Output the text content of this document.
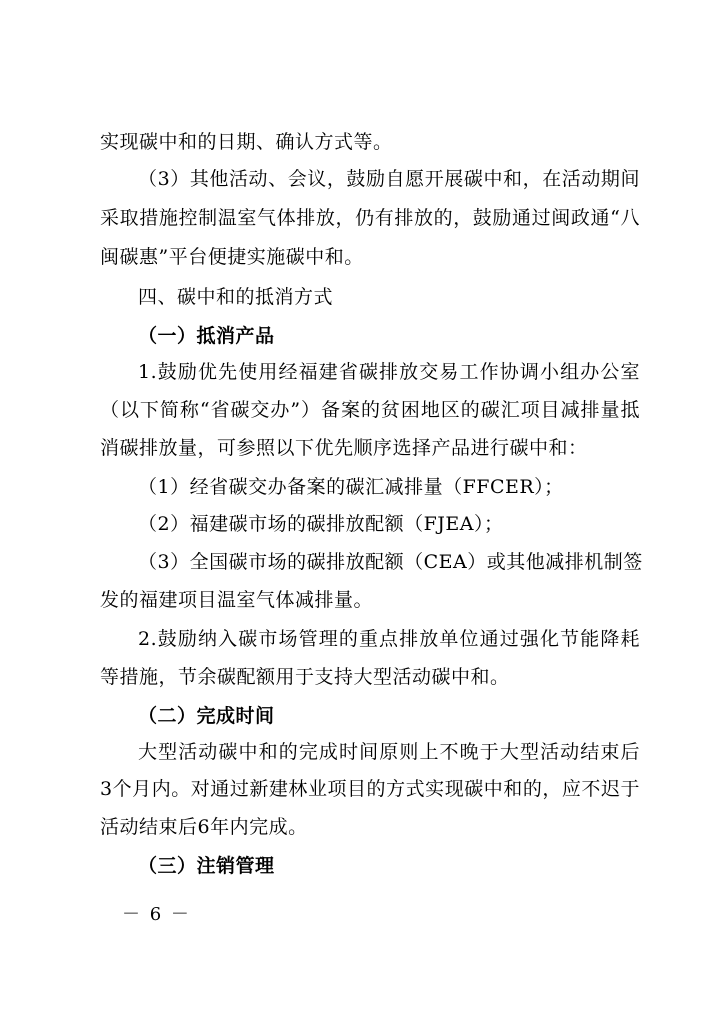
实现碳中和的日期、确认方式等。
（3）其他活动、会议，鼓励自愿开展碳中和，在活动期间
采取措施控制温室气体排放，仍有排放的，鼓励通过闽政通“八
闽碳惠”平台便捷实施碳中和。
四、碳中和的抵消方式
（一）抵消产品
1.鼓励优先使用经福建省碳排放交易工作协调小组办公室
（以下简称“省碳交办”）备案的贫困地区的碳汇项目减排量抵
消碳排放量，可参照以下优先顺序选择产品进行碳中和：
（1）经省碳交办备案的碳汇减排量（FFCER）；
（2）福建碳市场的碳排放配额（FJEA）；
（3）全国碳市场的碳排放配额（CEA）或其他减排机制签
发的福建项目温室气体减排量。
2.鼓励纳入碳市场管理的重点排放单位通过强化节能降耗
等措施，节余碳配额用于支持大型活动碳中和。
（二）完成时间
大型活动碳中和的完成时间原则上不晚于大型活动结束后
3个月内。对通过新建林业项目的方式实现碳中和的，应不迟于
活动结束后6年内完成。
（三）注销管理
－ 6 －
